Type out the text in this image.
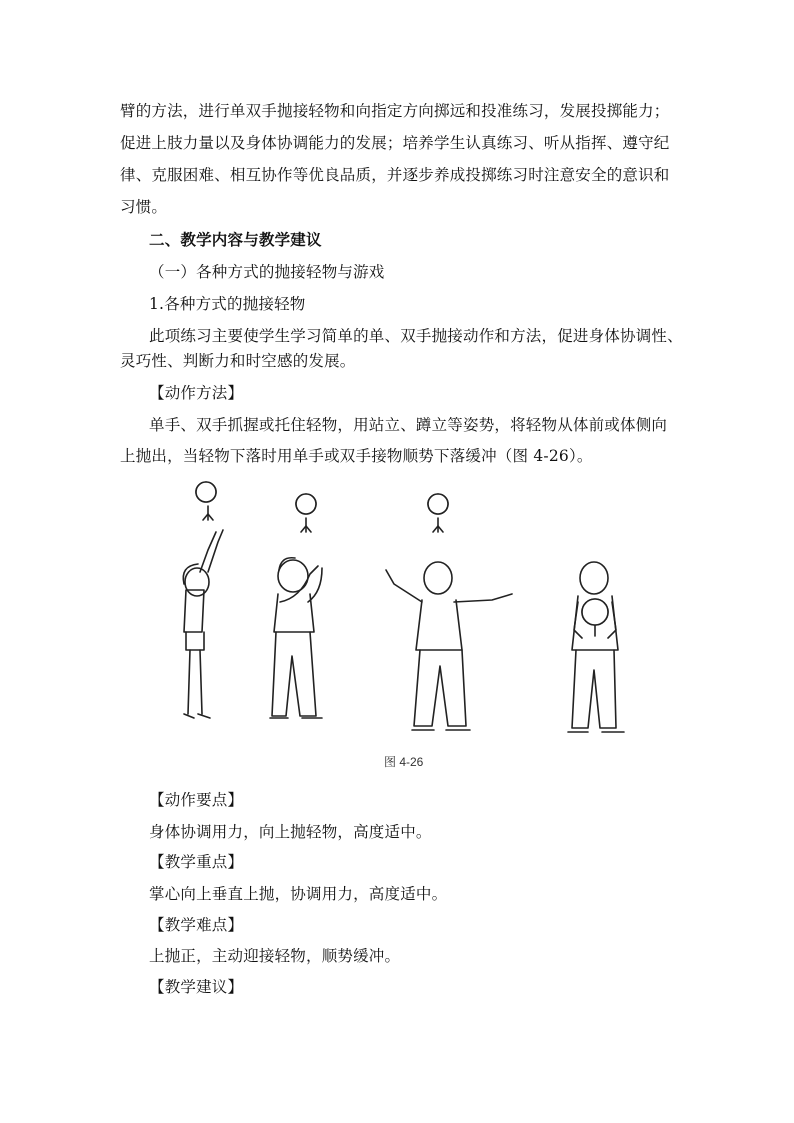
臂的方法，进行单双手抛接轻物和向指定方向掷远和投准练习，发展投掷能力；
促进上肢力量以及身体协调能力的发展；培养学生认真练习、听从指挥、遵守纪
律、克服困难、相互协作等优良品质，并逐步养成投掷练习时注意安全的意识和
习惯。
二、教学内容与教学建议
（一）各种方式的抛接轻物与游戏
1.各种方式的抛接轻物
此项练习主要使学生学习简单的单、双手抛接动作和方法，促进身体协调性、
灵巧性、判断力和时空感的发展。
【动作方法】
单手、双手抓握或托住轻物，用站立、蹲立等姿势，将轻物从体前或体侧向
上抛出，当轻物下落时用单手或双手接物顺势下落缓冲（图 4-26）。
图 4-26
【动作要点】
身体协调用力，向上抛轻物，高度适中。
【教学重点】
掌心向上垂直上抛，协调用力，高度适中。
【教学难点】
上抛正，主动迎接轻物，顺势缓冲。
【教学建议】
